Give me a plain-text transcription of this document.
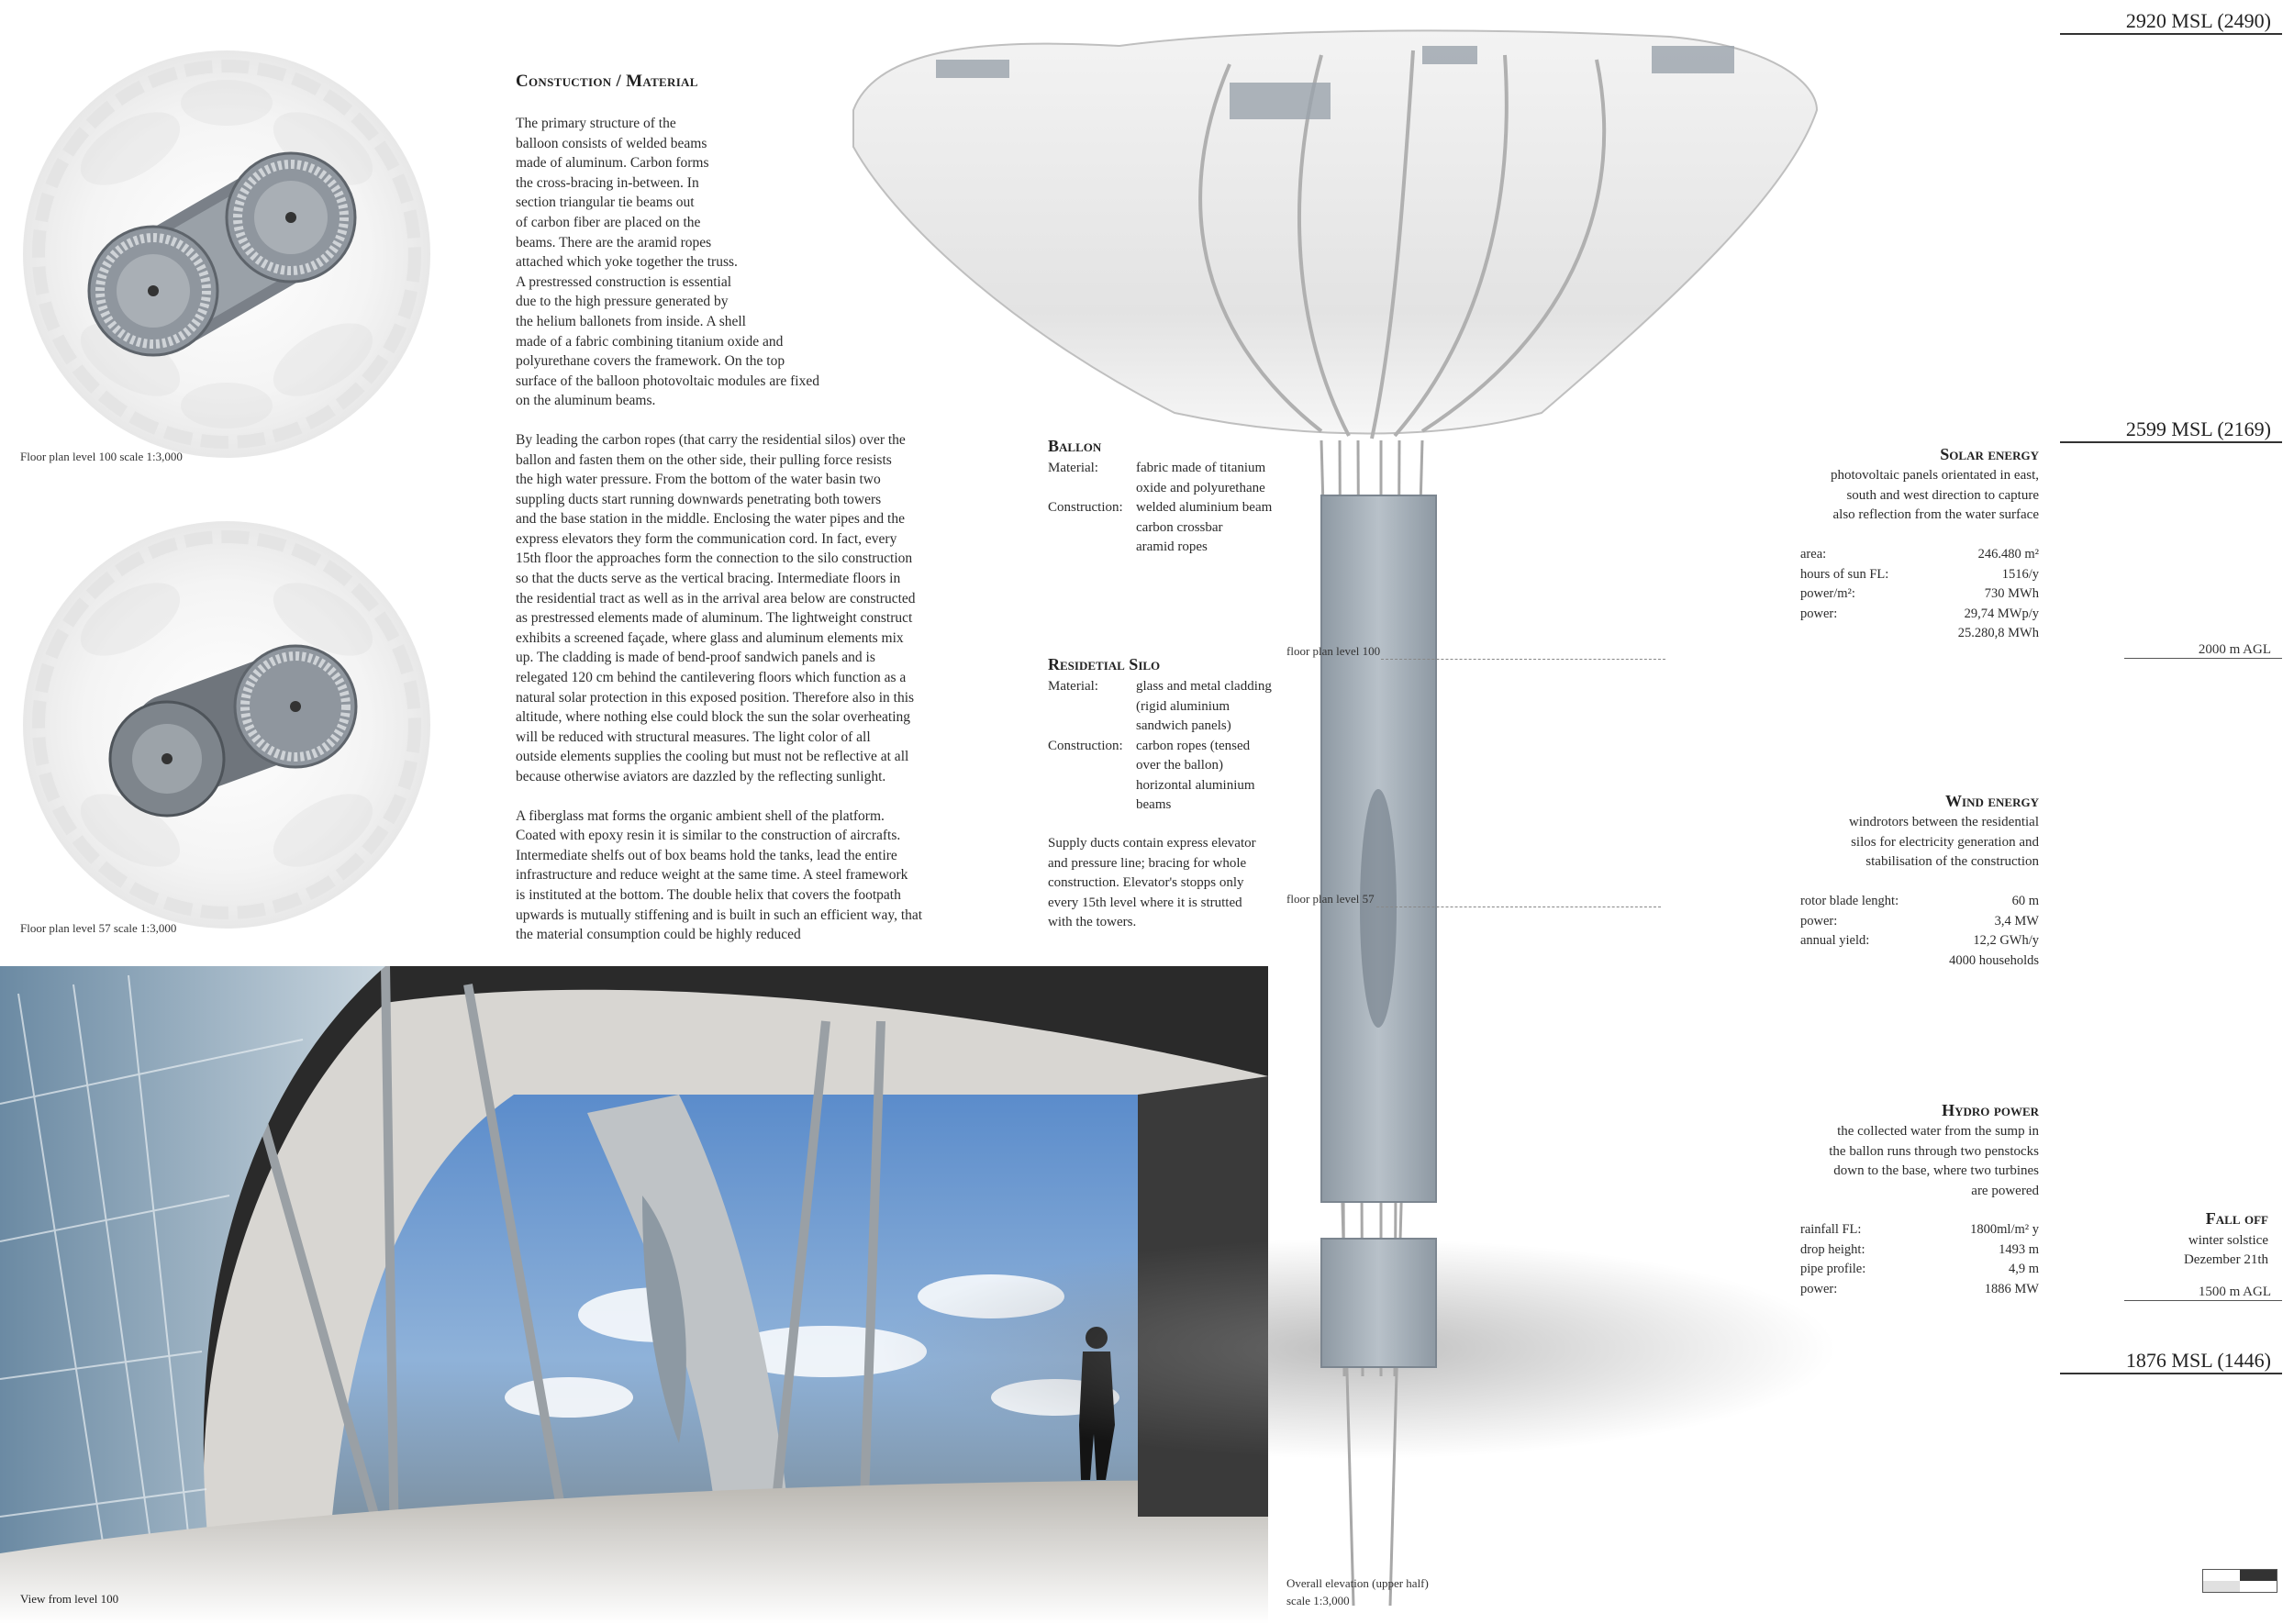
Floor plan level 100 scale 1:3,000
Floor plan level 57 scale 1:3,000
Constuction / Material

The primary structure of the
balloon consists of welded beams
made of aluminum. Carbon forms
the cross-bracing in-between. In
section triangular tie beams out
of carbon fiber are placed on the
beams. There are the aramid ropes
attached which yoke together the truss.
A prestressed construction is essential
due to the high pressure generated by
the helium ballonets from inside. A shell
made of a fabric combining titanium oxide and
polyurethane covers the framework. On the top
surface of the balloon photovoltaic modules are fixed
on the aluminum beams.

By leading the carbon ropes (that carry the residential silos) over the
ballon and fasten them on the other side, their pulling force resists
the high water pressure. From the bottom of the water basin two
suppling ducts start running downwards penetrating both towers
and the base station in the middle. Enclosing the water pipes and the
express elevators they form the communication cord. In fact, every
15th floor the approaches form the connection to the silo construction
so that the ducts serve as the vertical bracing. Intermediate floors in
the residential tract as well as in the arrival area below are constructed
as prestressed elements made of aluminum. The lightweight construct
exhibits a screened façade, where glass and aluminum elements mix
up. The cladding is made of bend-proof sandwich panels and is
relegated 120 cm behind the cantilevering floors which function as a
natural solar protection in this exposed position. Therefore also in this
altitude, where nothing else could block the sun the solar overheating
will be reduced with structural measures. The light color of all
outside elements supplies the cooling but must not be reflective at all
because otherwise aviators are dazzled by the reflecting sunlight.

A fiberglass mat forms the organic ambient shell of the platform.
Coated with epoxy resin it is similar to the construction of aircrafts.
Intermediate shelfs out of box beams hold the tanks, lead the entire
infrastructure and reduce weight at the same time. A steel framework
is instituted at the bottom. The double helix that covers the footpath
upwards is mutually stiffening and is built in such an efficient way, that
the material consumption could be highly reduced

View from level 100
floor plan level 100
floor plan level 57
Overall elevation (upper half)
scale 1:3,000
Ballon
Material:	fabric made of titanium
oxide and polyurethane

Construction:	welded aluminium beam
carbon crossbar
aramid ropes
Residetial Silo
Material:	glass and metal cladding
(rigid aluminium
sandwich panels)

Construction:	carbon ropes (tensed
over the ballon)
horizontal aluminium
beams
Supply ducts contain express elevator
and pressure line; bracing for whole
construction. Elevator's stopps only
every 15th level where it is strutted
with the towers.
2920 MSL (2490)
2599 MSL (2169)
2000 m AGL
1500 m AGL
1876 MSL (1446)
Solar energy
photovoltaic panels orientated in east,
south and west direction to capture
also reflection from the water surface
area:	246.480 m²
hours of sun FL:	1516/y
power/m²:	730 MWh
power:	29,74 MWp/y
	25.280,8 MWh
Wind energy
windrotors between the residential
silos for electricity generation and
stabilisation of the construction
rotor blade lenght:	60 m
power:	3,4 MW
annual yield:	12,2 GWh/y
	4000 households
Hydro power
the collected water from the sump in
the ballon runs through two penstocks
down to the base, where two turbines
are powered
rainfall FL:	1800ml/m² y
drop height:	1493 m
pipe profile:	4,9 m
power:	1886 MW
Fall off
winter solstice
Dezember 21th
